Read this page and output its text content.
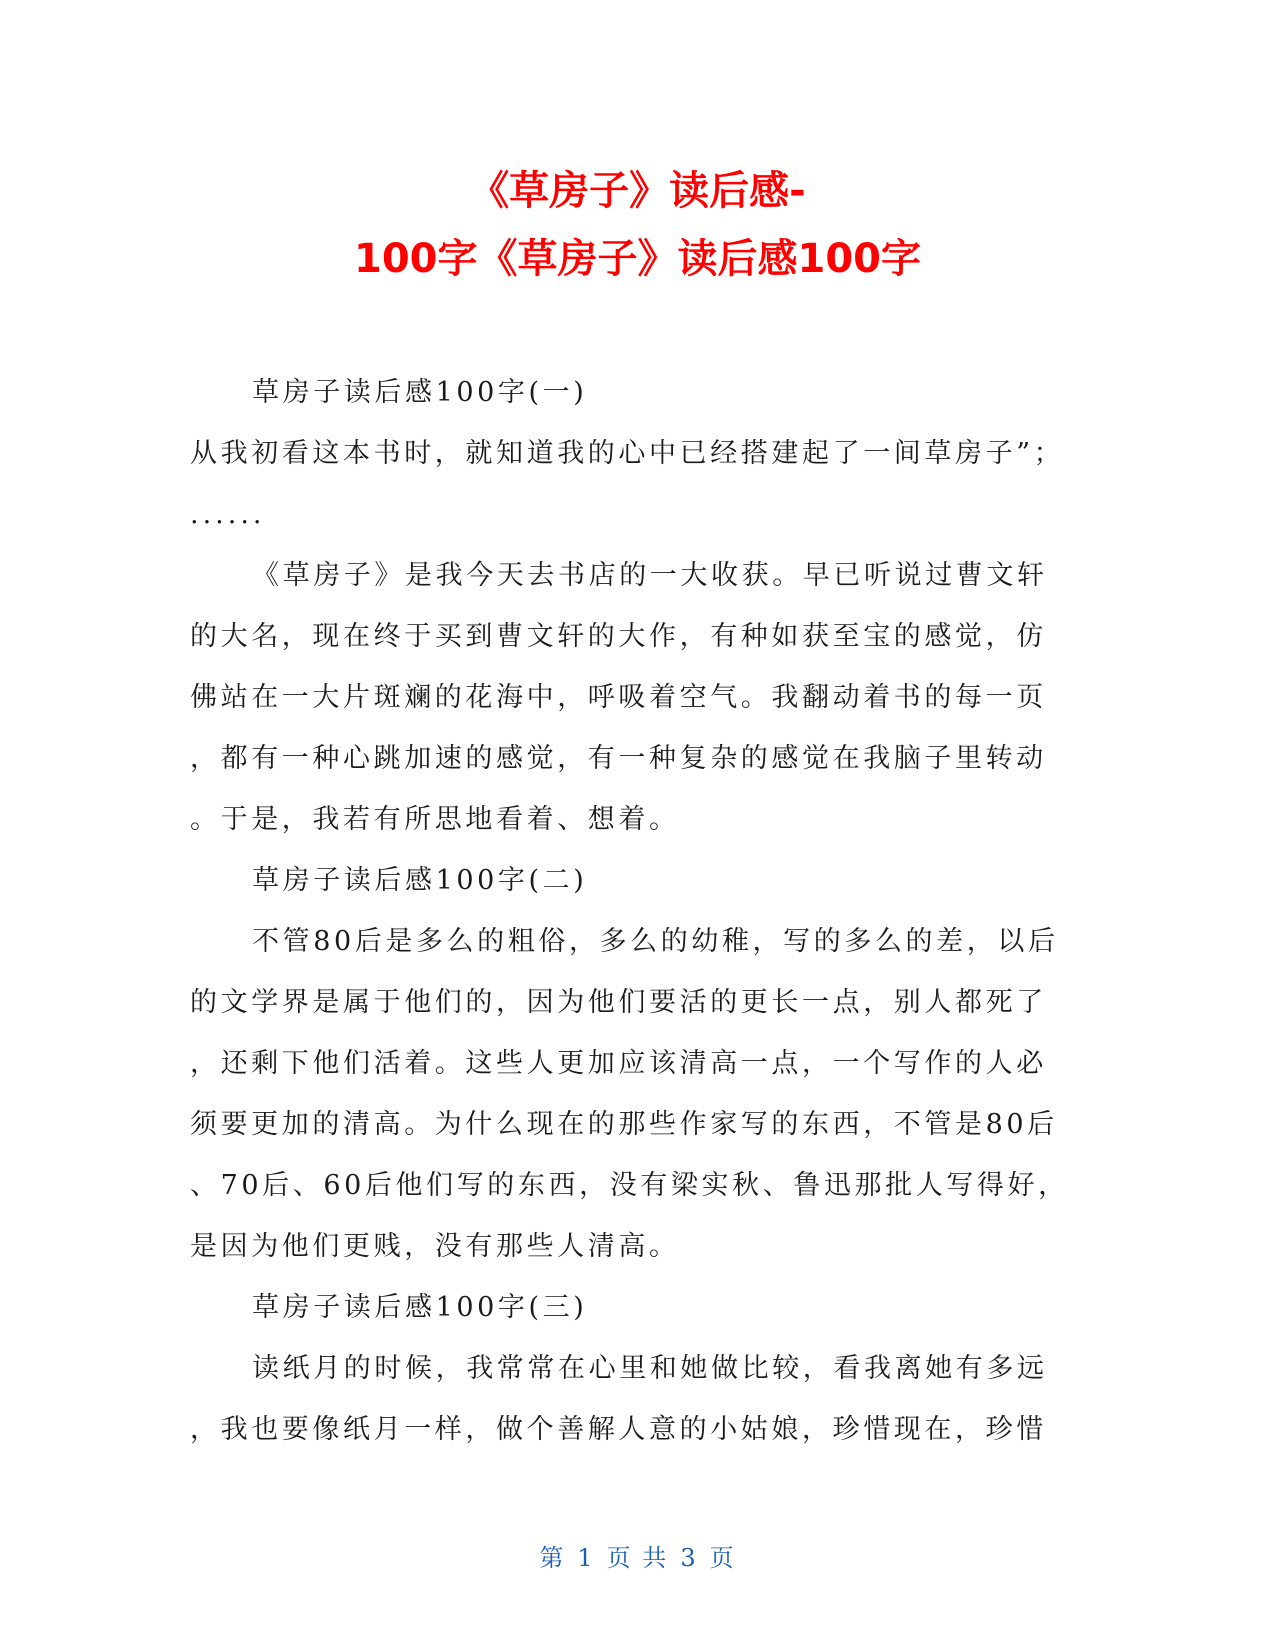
《草房子》读后感-
100字《草房子》读后感100字
草房子读后感100字(一)
从我初看这本书时，就知道我的心中已经搭建起了一间草房子”；
......
《草房子》是我今天去书店的一大收获。早已听说过曹文轩
的大名，现在终于买到曹文轩的大作，有种如获至宝的感觉，仿
佛站在一大片斑斓的花海中，呼吸着空气。我翻动着书的每一页
，都有一种心跳加速的感觉，有一种复杂的感觉在我脑子里转动
。于是，我若有所思地看着、想着。
草房子读后感100字(二)
不管80后是多么的粗俗，多么的幼稚，写的多么的差，以后
的文学界是属于他们的，因为他们要活的更长一点，别人都死了
，还剩下他们活着。这些人更加应该清高一点，一个写作的人必
须要更加的清高。为什么现在的那些作家写的东西，不管是80后
、70后、60后他们写的东西，没有梁实秋、鲁迅那批人写得好，
是因为他们更贱，没有那些人清高。
草房子读后感100字(三)
读纸月的时候，我常常在心里和她做比较，看我离她有多远
，我也要像纸月一样，做个善解人意的小姑娘，珍惜现在，珍惜
第 1 页 共 3 页
